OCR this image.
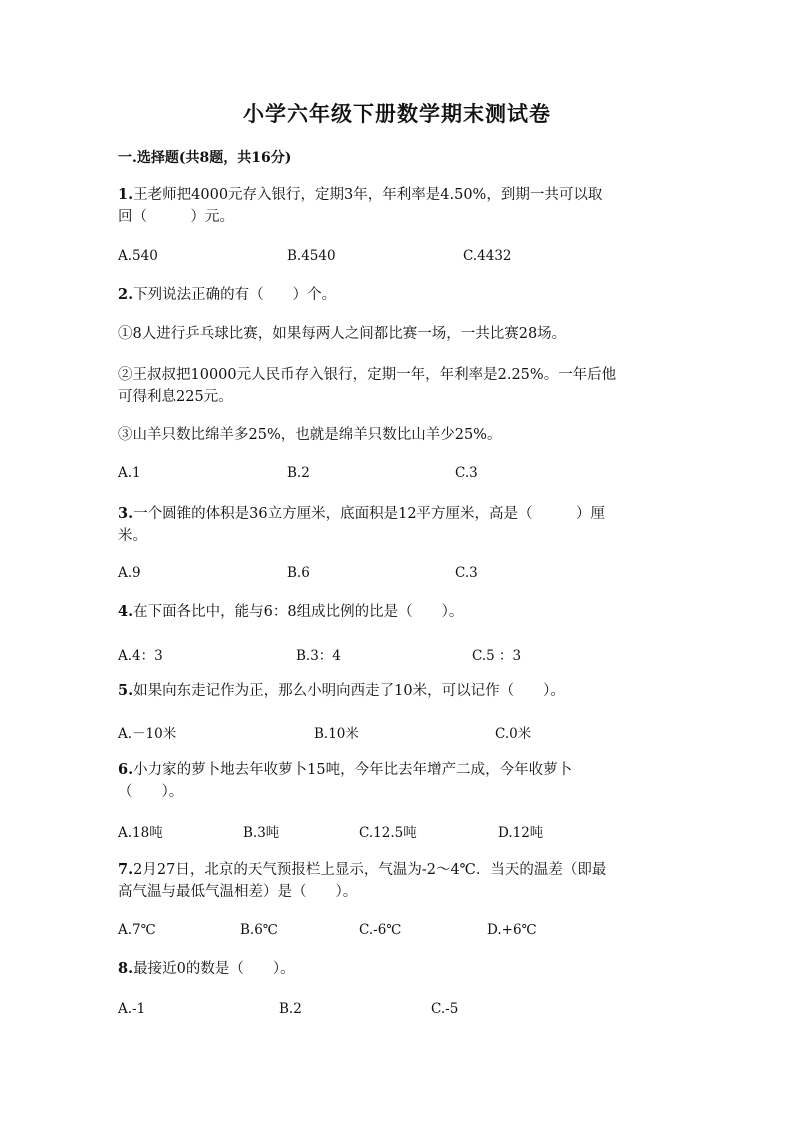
小学六年级下册数学期末测试卷
一.选择题(共8题，共16分)
1.王老师把4000元存入银行，定期3年，年利率是4.50%，到期一共可以取
回（　　　）元。
A.540	B.4540	C.4432
2.下列说法正确的有（　　）个。
①8人进行乒乓球比赛，如果每两人之间都比赛一场，一共比赛28场。
②王叔叔把10000元人民币存入银行，定期一年，年利率是2.25%。一年后他
可得利息225元。
③山羊只数比绵羊多25%，也就是绵羊只数比山羊少25%。
A.1	B.2	C.3
3.一个圆锥的体积是36立方厘米，底面积是12平方厘米，高是（　　　）厘
米。
A.9	B.6	C.3
4.在下面各比中，能与6：8组成比例的比是（　　）。
A.4：3	B.3：4	C.5 ：3
5.如果向东走记作为正，那么小明向西走了10米，可以记作（　　）。
A.－10米	B.10米	C.0米
6.小力家的萝卜地去年收萝卜15吨，今年比去年增产二成，今年收萝卜
（　　）。
A.18吨	B.3吨	C.12.5吨	D.12吨
7.2月27日，北京的天气预报栏上显示，气温为-2～4℃．当天的温差（即最
高气温与最低气温相差）是（　　）。
A.7℃	B.6℃	C.-6℃	D.+6℃
8.最接近0的数是（　　）。
A.-1	B.2	C.-5
